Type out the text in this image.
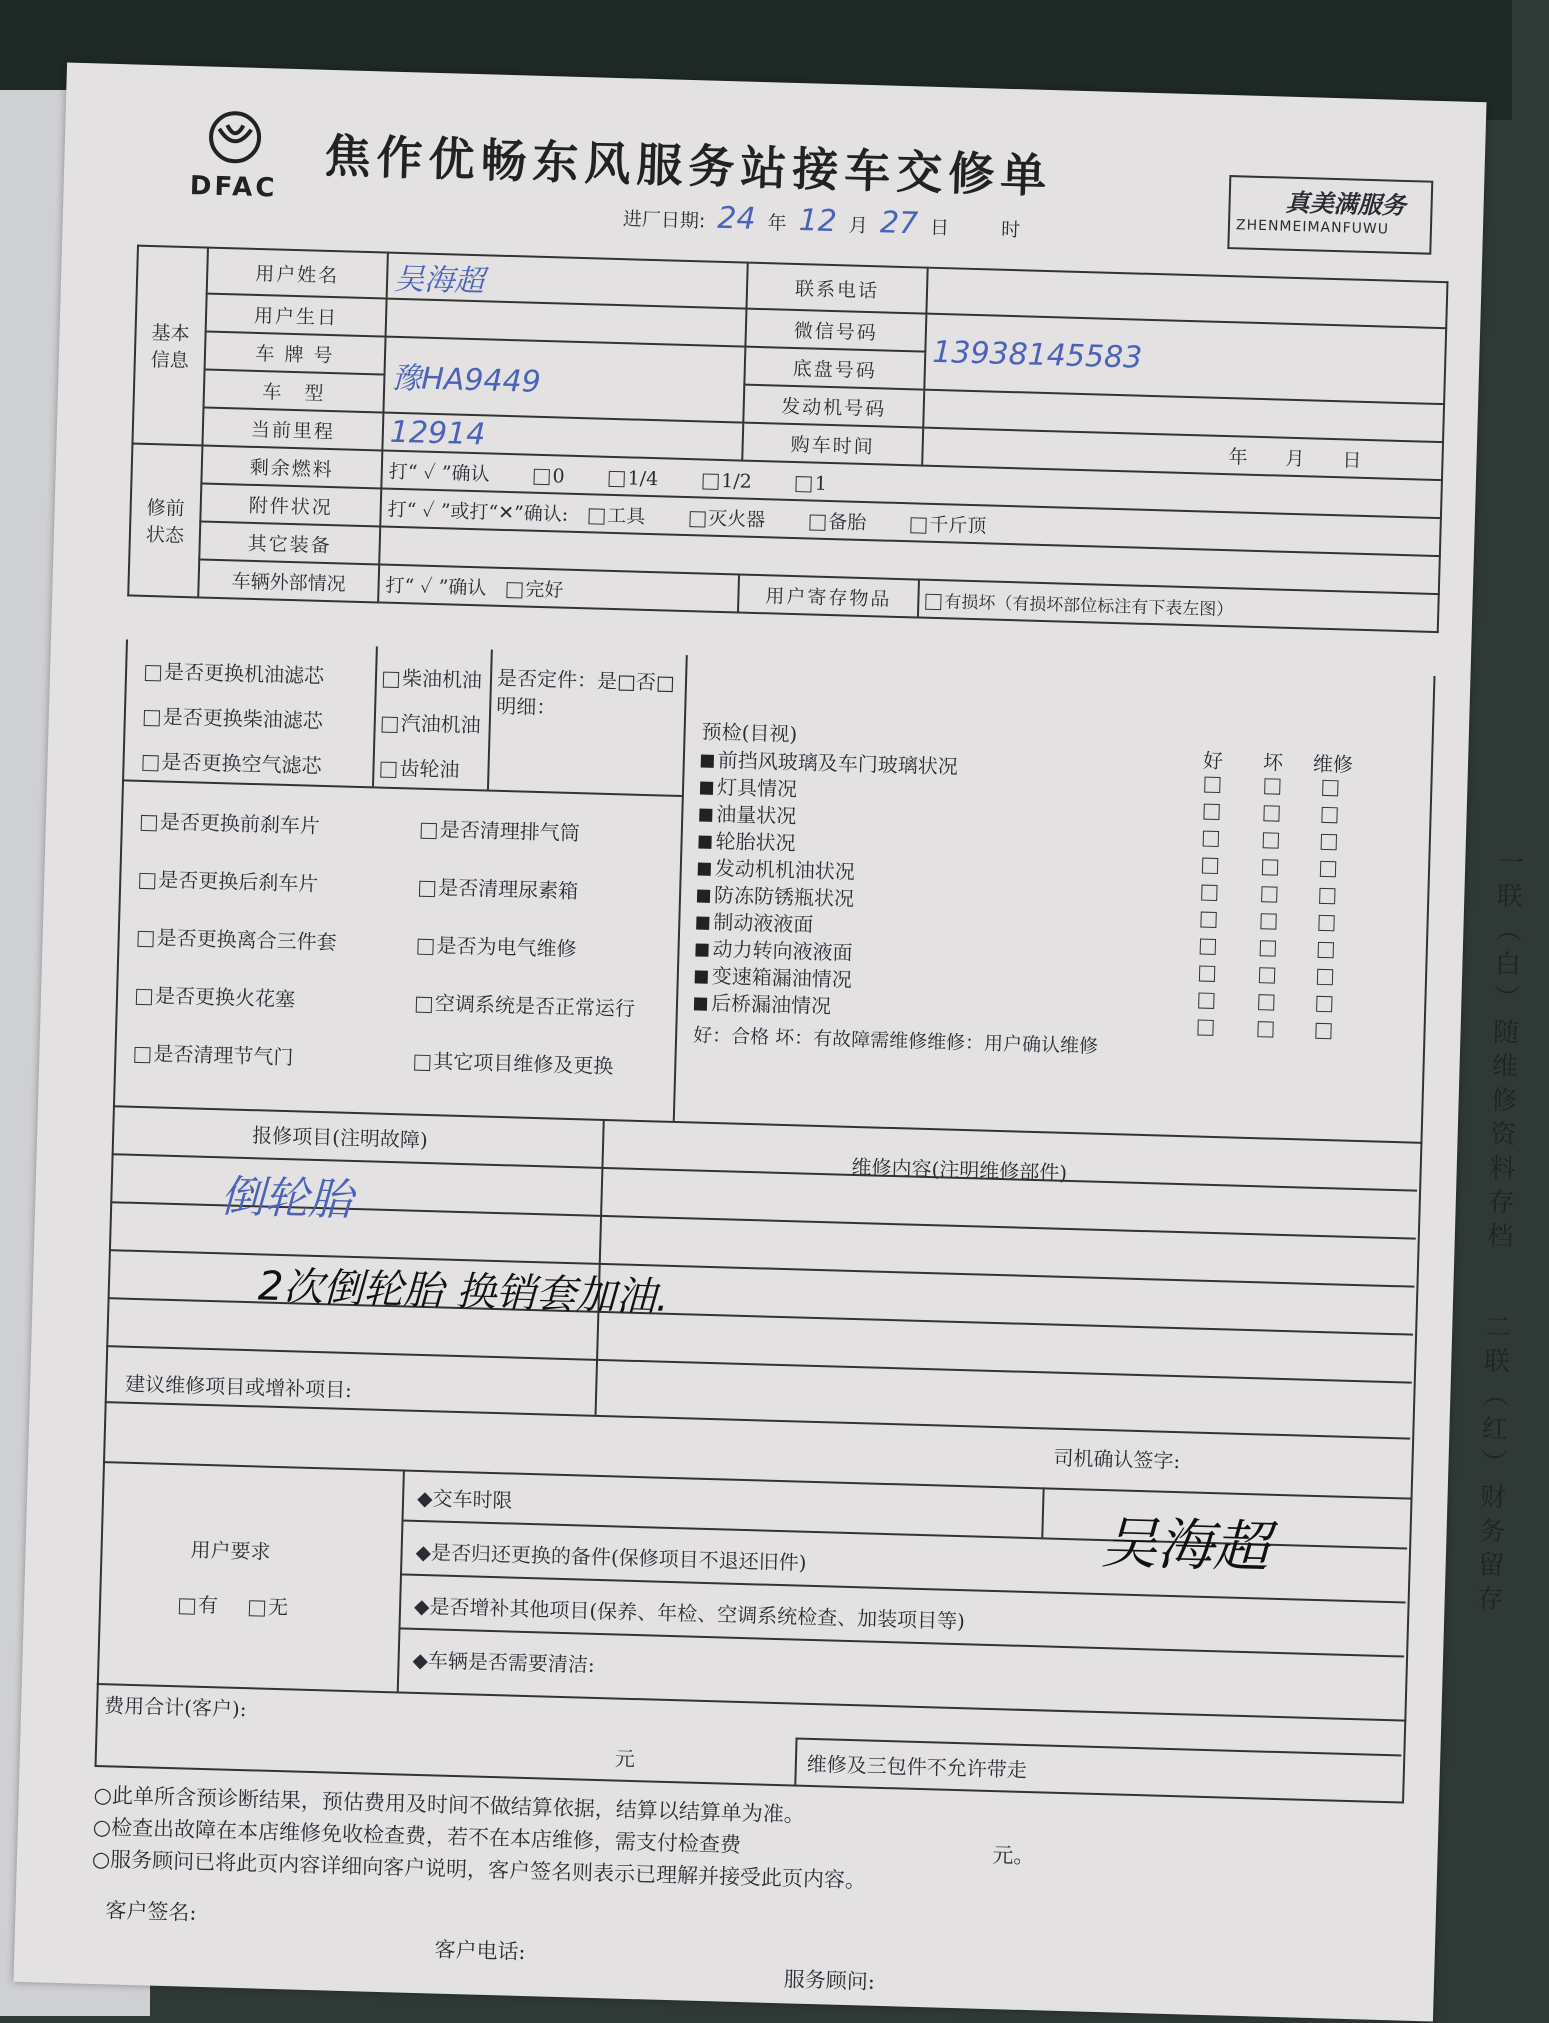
DFAC 焦作优畅东风服务站接车交修单
真美满服务
ZHENMEIMANFUWU
进厂日期: 24 年 12 月 27 日	时
基本信息	用户姓名	吴海超	联系电话	
	用户生日		微信号码	13938145583
	车 牌 号	豫HA9449	底盘号码	
	车　型		发动机号码	
	当前里程	12914	购车时间	年　　月　　日
修前状态	剩余燃料	打“ ✓ ”确认 0 1/4 1/2 1		
	附件状况	打“ ✓ ”或打“✕”确认: 工具 灭火器 备胎 千斤顶		
	其它装备			
	车辆外部情况	打“ ✓ ”确认 完好	用户寄存物品	有损坏（有损坏部位标注有下表左图）
是否更换机油滤芯
是否更换柴油滤芯
是否更换空气滤芯
柴油机油
汽油机油
齿轮油
是否定件：是□否□
明细：
是否更换前刹车片
是否更换后刹车片
是否更换离合三件套
是否更换火花塞
是否清理节气门
是否清理排气筒
是否清理尿素箱
是否为电气维修
空调系统是否正常运行
其它项目维修及更换
预检(目视)
好 坏 维修
前挡风玻璃及车门玻璃状况
灯具情况
油量状况
轮胎状况
发动机机油状况
防冻防锈瓶状况
制动液液面
动力转向液液面
变速箱漏油情况
后桥漏油情况
好：合格 坏：有故障需维修维修：用户确认维修
报修项目(注明故障)
维修内容(注明维修部件)
倒轮胎
2次倒轮胎 换销套加油.
建议维修项目或增补项目:
司机确认签字:
用户要求
有	无
◆交车时限
◆是否归还更换的备件(保修项目不退还旧件)
◆是否增补其他项目(保养、年检、空调系统检查、加装项目等)
◆车辆是否需要清洁:
吴海超
费用合计(客户):
元	维修及三包件不允许带走
○此单所含预诊断结果，预估费用及时间不做结算依据，结算以结算单为准。
○检查出故障在本店维修免收检查费，若不在本店维修，需支付检查费
○服务顾问已将此页内容详细向客户说明，客户签名则表示已理解并接受此页内容。	元。
客户签名:
客户电话:
服务顾问:
一联（白）随维修资料存档
二联（红）财务留存
